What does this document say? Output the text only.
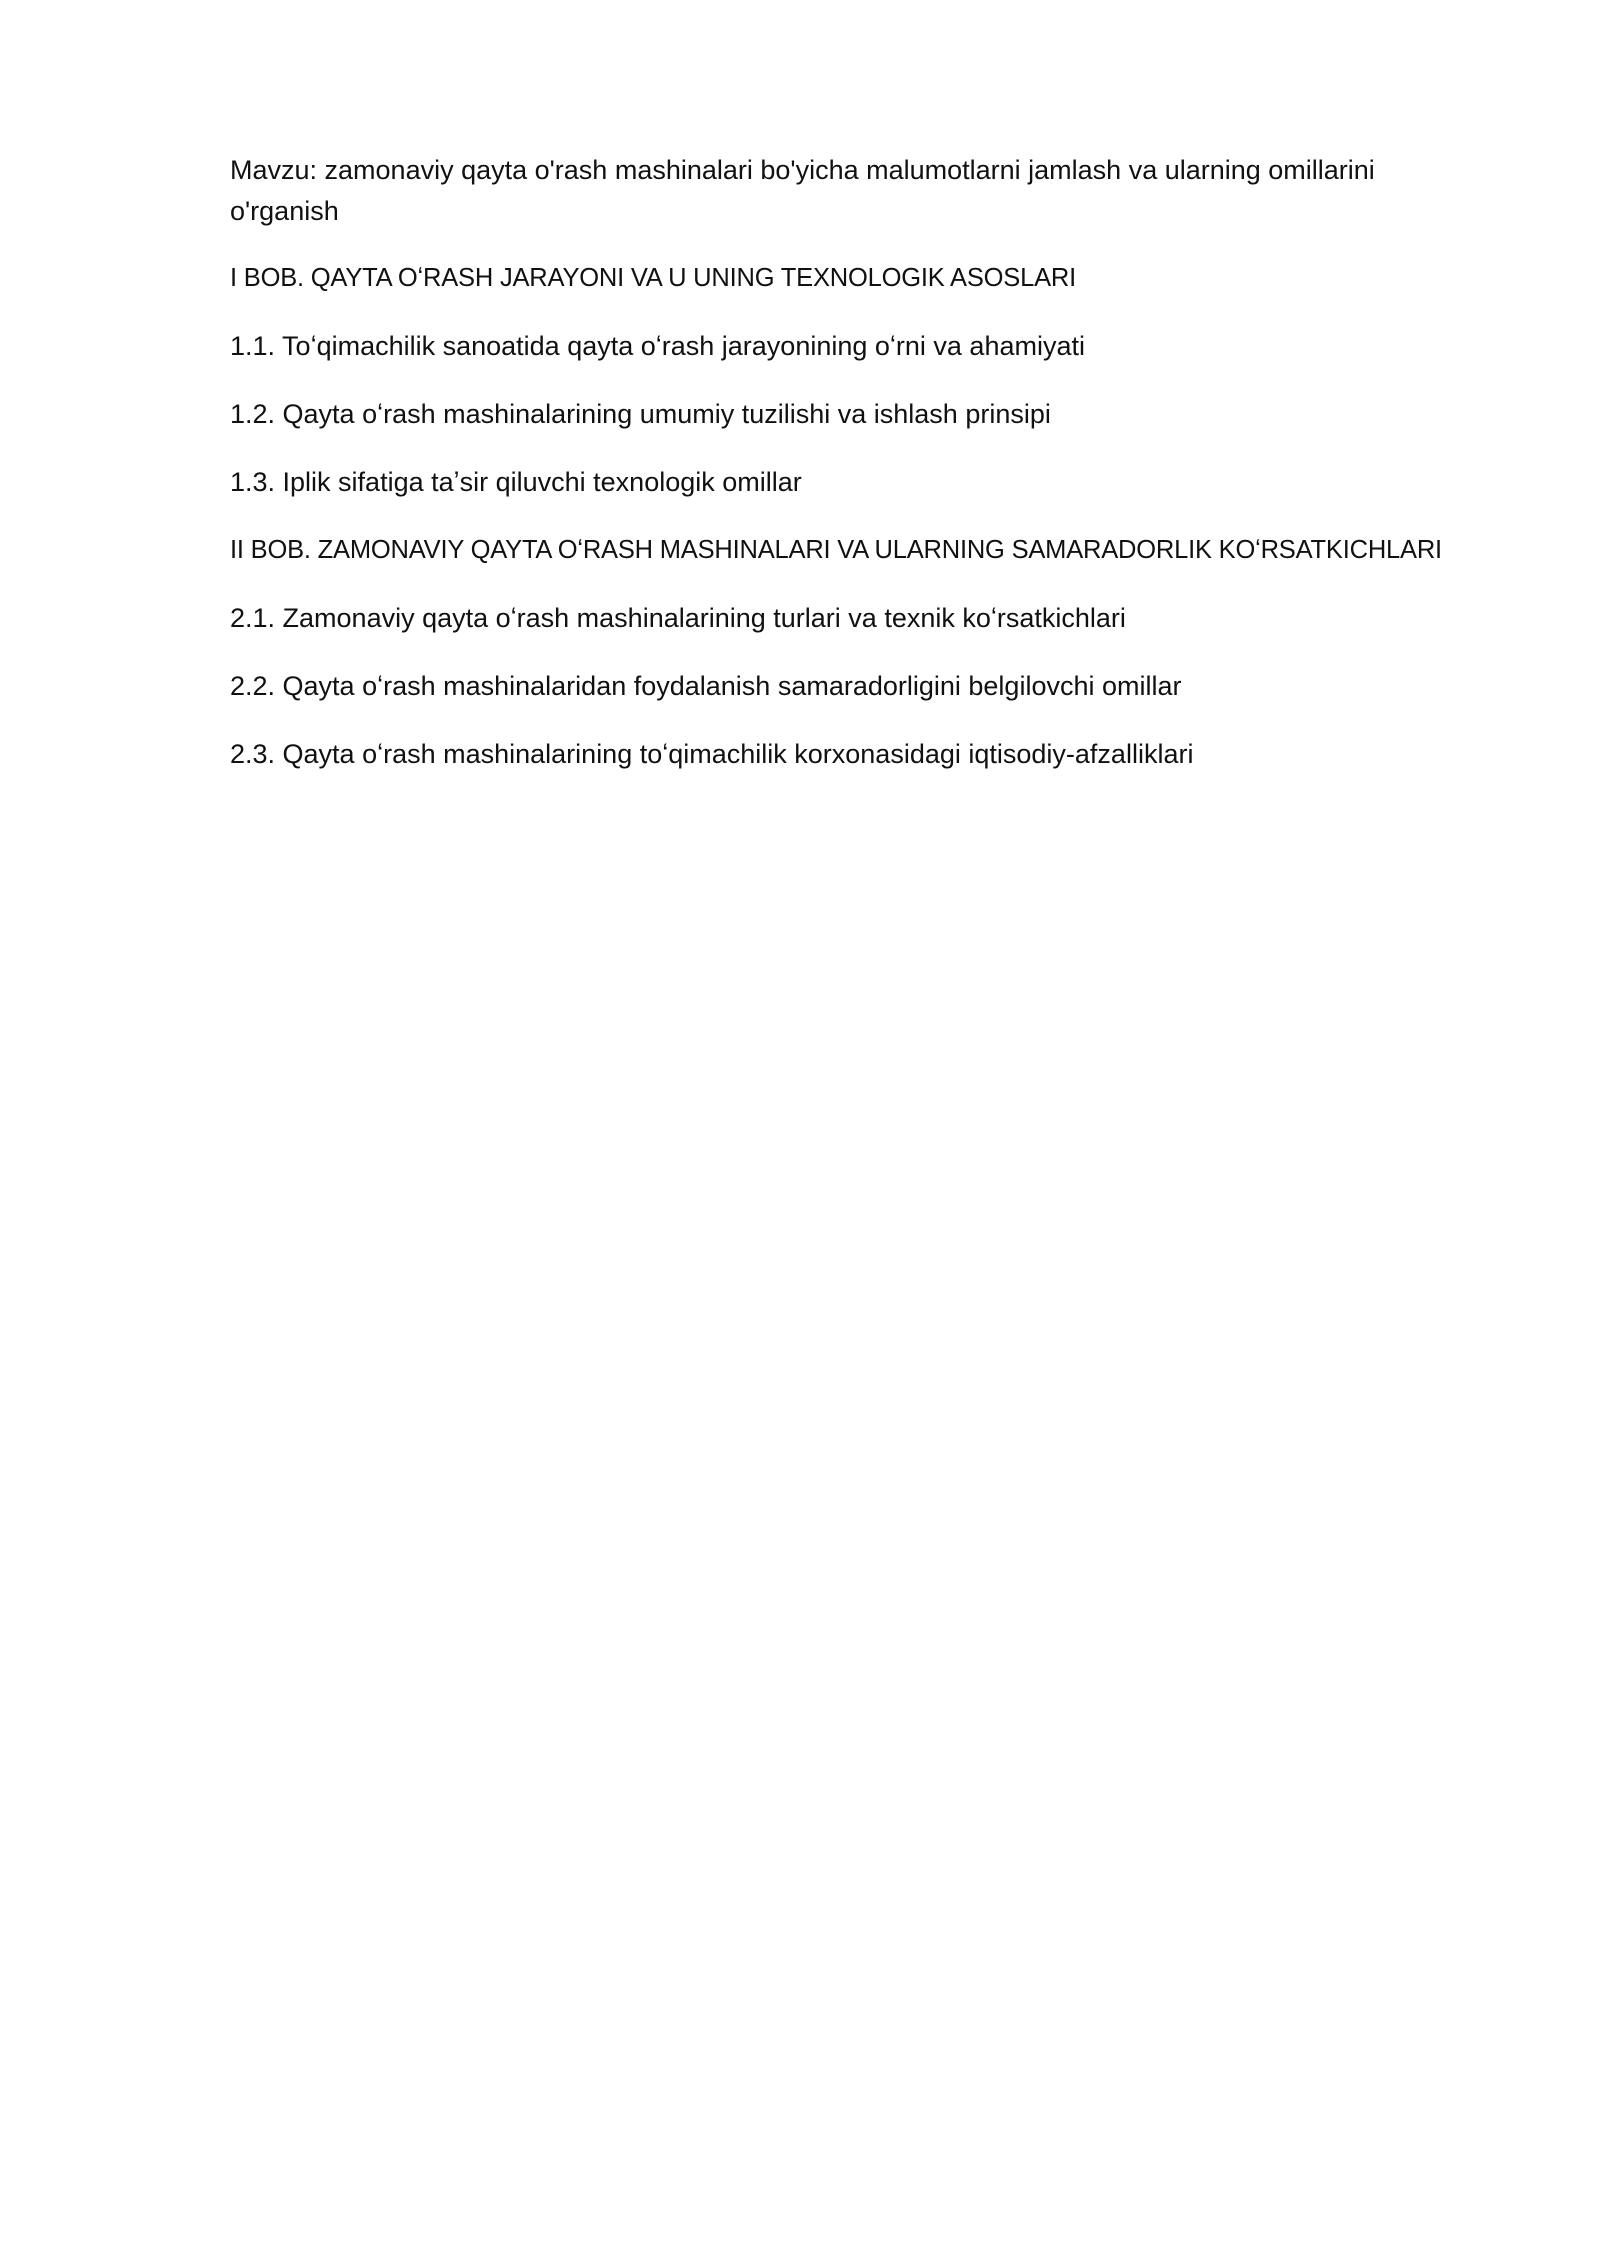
Mavzu: zamonaviy qayta o'rash mashinalari bo'yicha malumotlarni jamlash va ularning omillarini o'rganish

I BOB. QAYTA OʻRASH JARAYONI VA U UNING TEXNOLOGIK ASOSLARI

1.1. Toʻqimachilik sanoatida qayta oʻrash jarayonining oʻrni va ahamiyati

1.2. Qayta oʻrash mashinalarining umumiy tuzilishi va ishlash prinsipi

1.3. Iplik sifatiga taʼsir qiluvchi texnologik omillar

II BOB. ZAMONAVIY QAYTA OʻRASH MASHINALARI VA ULARNING SAMARADORLIK KOʻRSATKICHLARI

2.1. Zamonaviy qayta oʻrash mashinalarining turlari va texnik koʻrsatkichlari

2.2. Qayta oʻrash mashinalaridan foydalanish samaradorligini belgilovchi omillar

2.3. Qayta oʻrash mashinalarining toʻqimachilik korxonasidagi iqtisodiy-afzalliklari
